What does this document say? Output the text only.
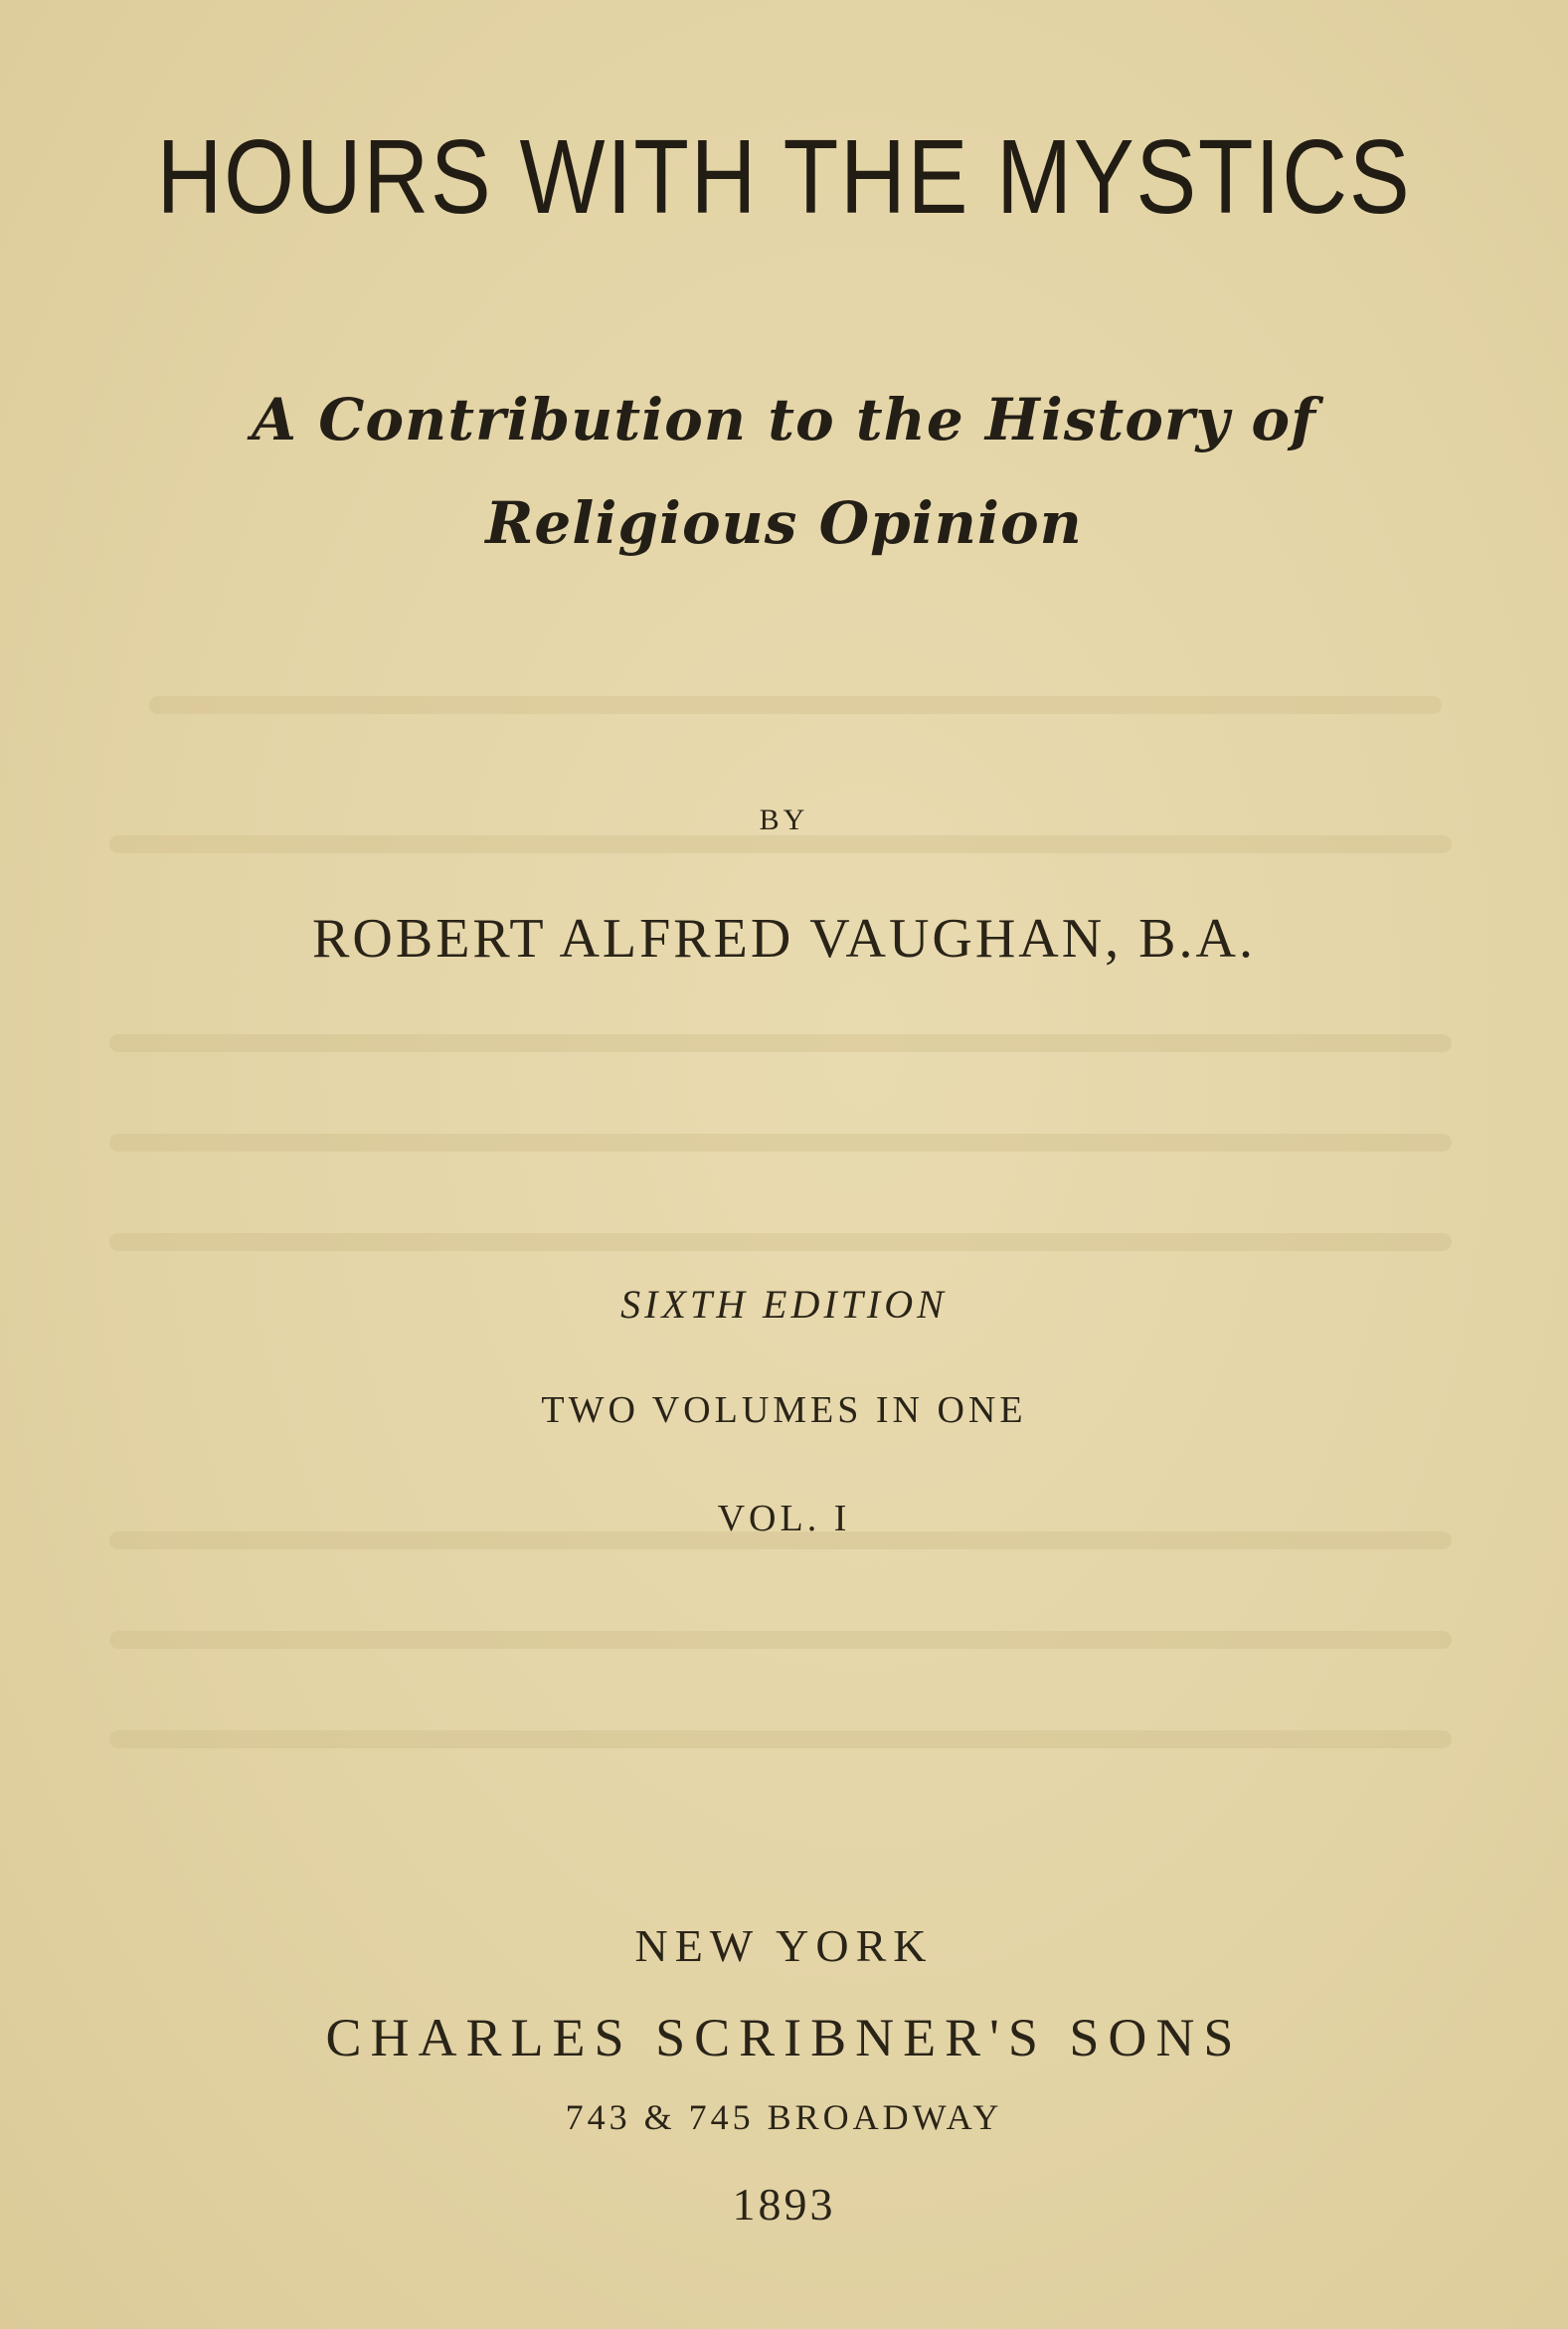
HOURS WITH THE MYSTICS
A Contribution to the History of
Religious Opinion
BY
ROBERT ALFRED VAUGHAN, B.A.
SIXTH EDITION
TWO VOLUMES IN ONE
VOL. I
NEW YORK
CHARLES SCRIBNER'S SONS
743 & 745 BROADWAY
1893
